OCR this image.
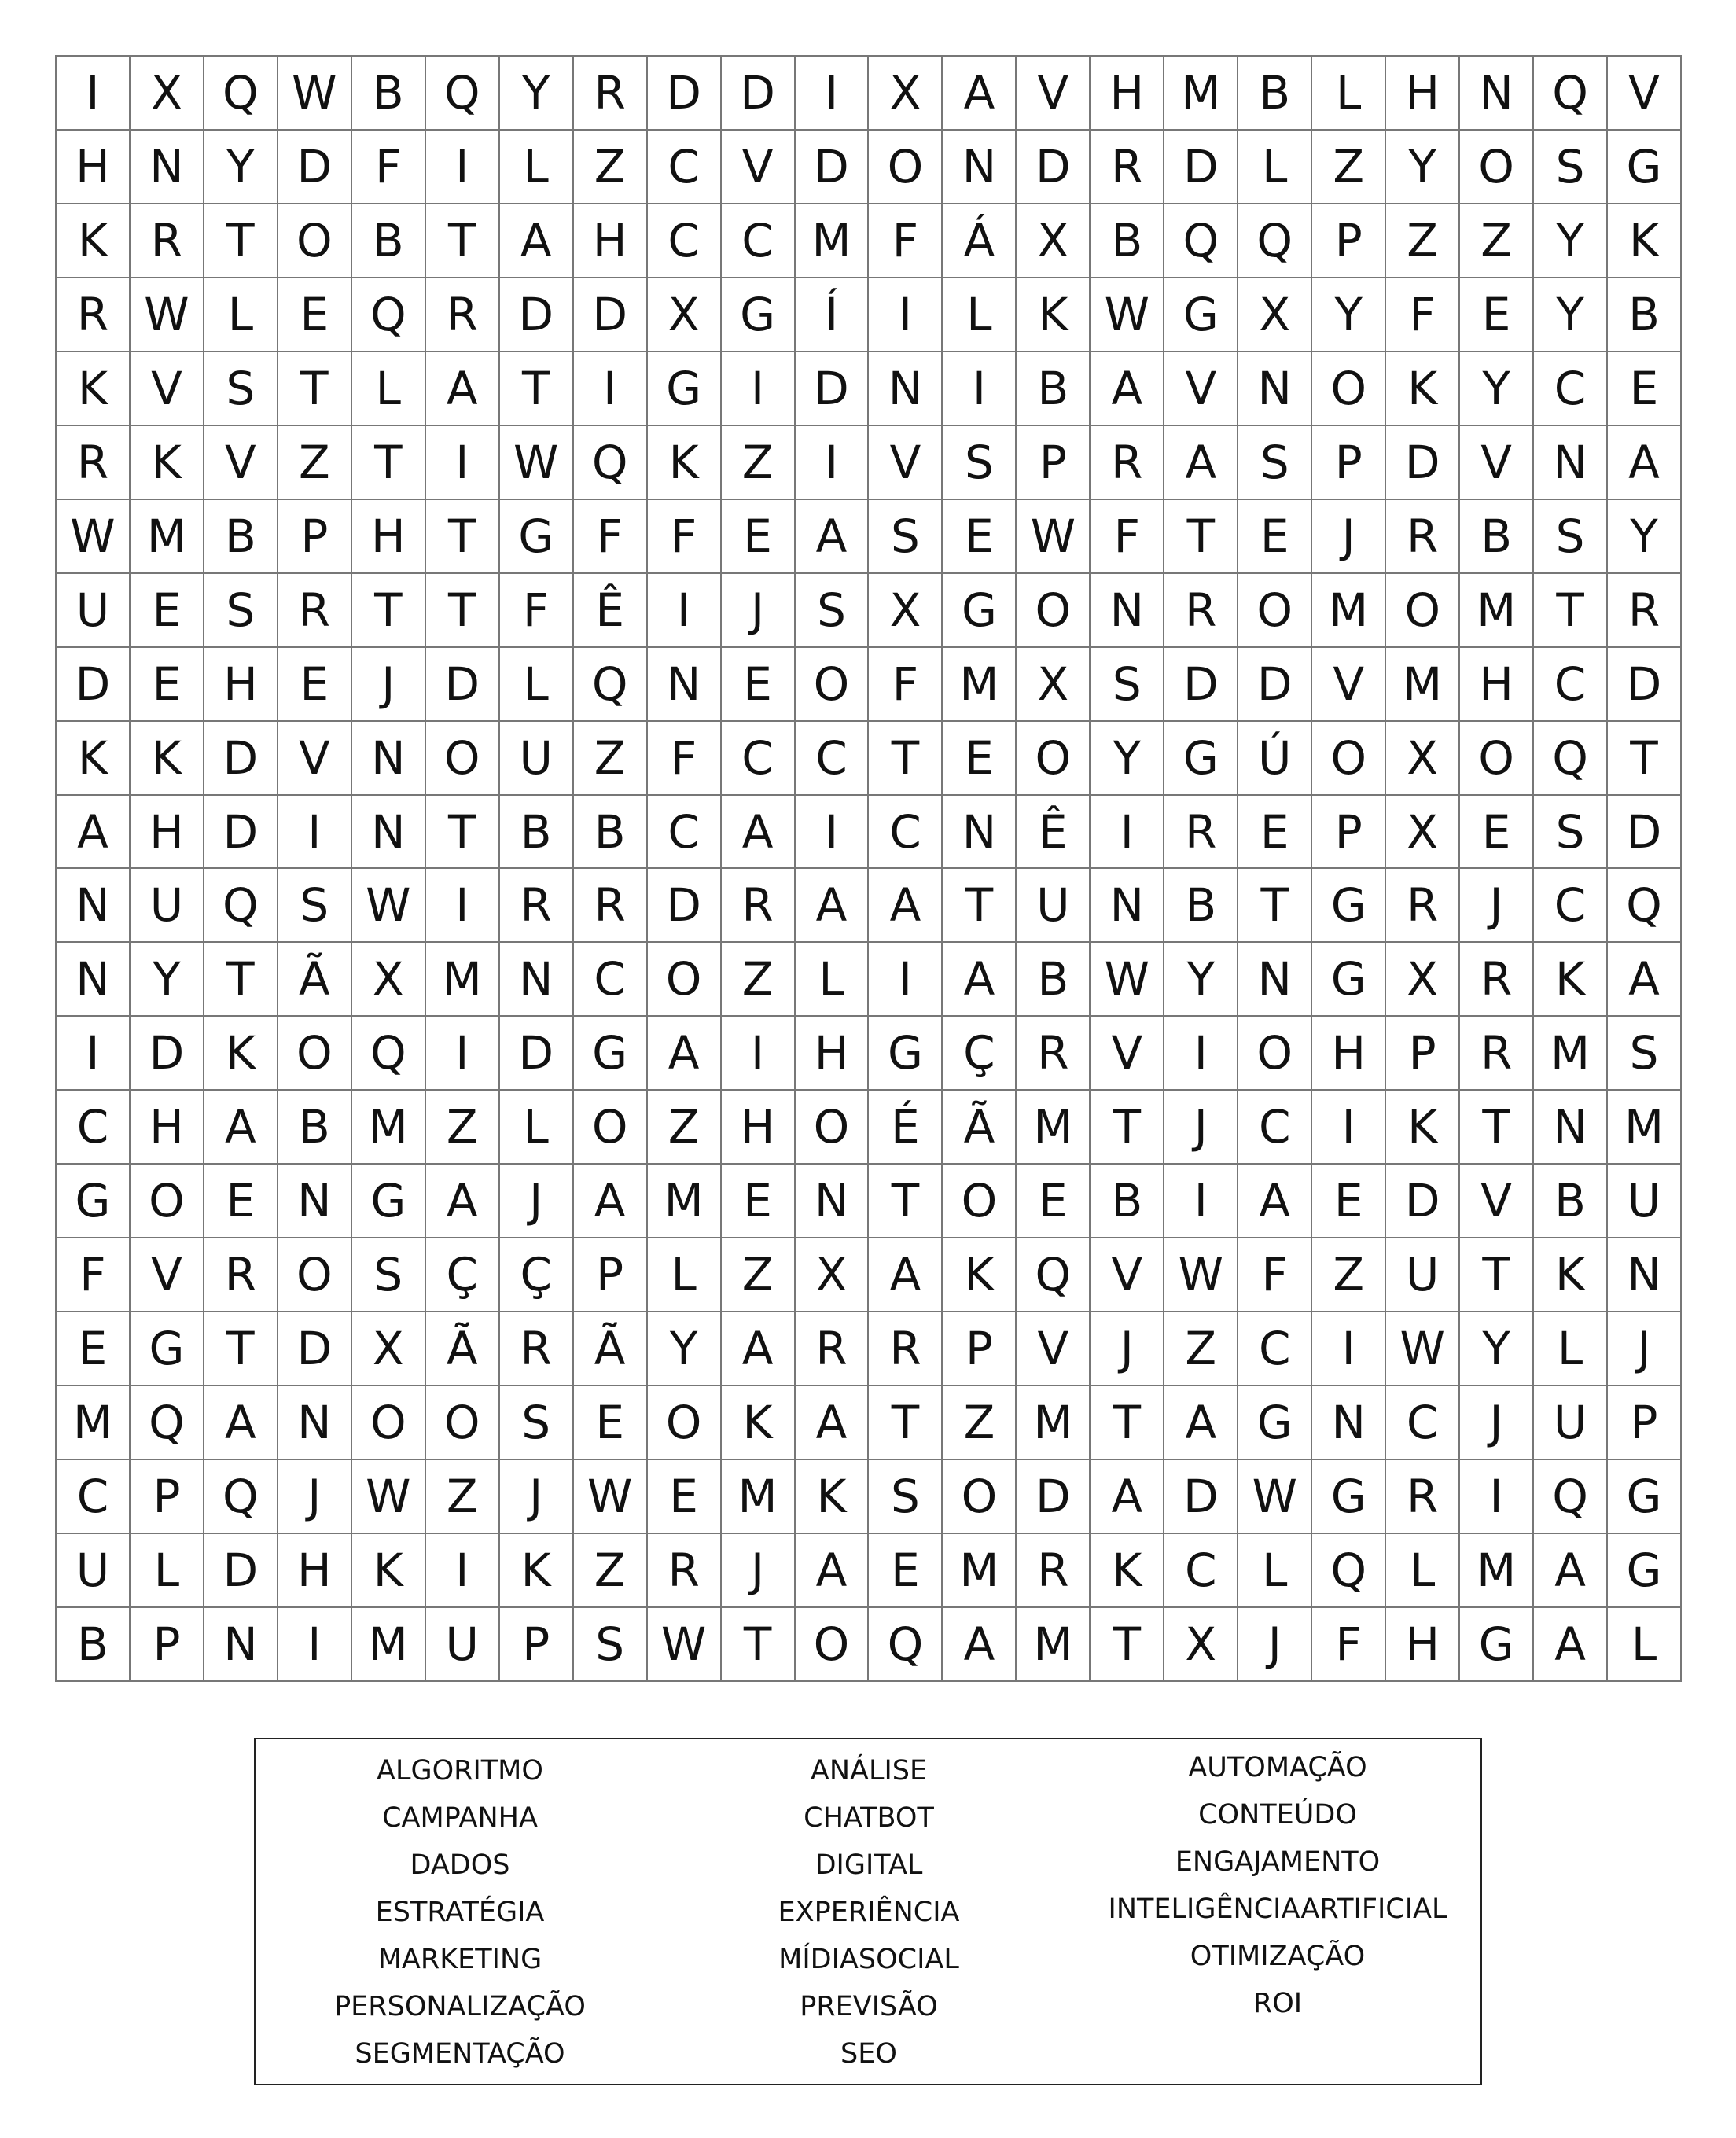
I	X Q W B Q Y R D D	I	X A V H M B L H N Q V
H N Y D F	I	L Z C V D O N D R D L Z Y O S G
K R T O B T A H C C M F Á X B Q Q P Z Z Y K
R W L	E Q R D D X G	Í	I	L	K W G X Y	F	E Y B
K V S T	L A T	I	G	I	D N	I	B A V N O K Y C E
R K V Z T	I W Q K Z	I	V S	P R A S	P D V N A
W M B P H T G F	F	E A S E W F	T E	J	R B S Y
U E S R T	T	F	Ê	I	J	S X G O N R O M O M T R
D E H E	J	D L Q N E O F M X S D D V M H C D
K K D V N O U Z F C C T E O Y G Ú O X O Q T
A H D	I	N T B B C A	I	C N Ê	I	R E	P X E S D
N U Q S W I	R R D R A A T U N B T G R	J	C Q
N Y	T Ã X M N C O Z L	I	A B W Y N G X R K A
I	D K O Q	I	D G A	I	H G Ç R V	I	O H P R M S
C H A B M Z L O Z H O É Ã M T	J	C	I	K T N M
G O E N G A	J	A M E N T O E B	I	A E D V B U
F V R O S Ç Ç P	L Z X A K Q V W F Z U T K N
E G T D X Ã R Ã Y A R R P V	J	Z C	I W Y	L	J
M Q A N O O S E O K A T Z M T A G N C	J	U P
C P Q	J W Z	J W E M K S O D A D W G R	I	Q G
U L D H K	I	K Z R	J	A E M R K C L Q L M A G
B P N	I	M U P	S W T O Q A M T X	J	F H G A L
ALGORITMO
CAMPANHA
DADOS
ESTRATÉGIA
MARKETING
PERSONALIZAÇÃO
SEGMENTAÇÃO
ANÁLISE
CHATBOT
DIGITAL
EXPERIÊNCIA
MÍDIASOCIAL
PREVISÃO
SEO
AUTOMAÇÃO
CONTEÚDO
ENGAJAMENTO
INTELIGÊNCIAARTIFICIAL
OTIMIZAÇÃO
ROI
